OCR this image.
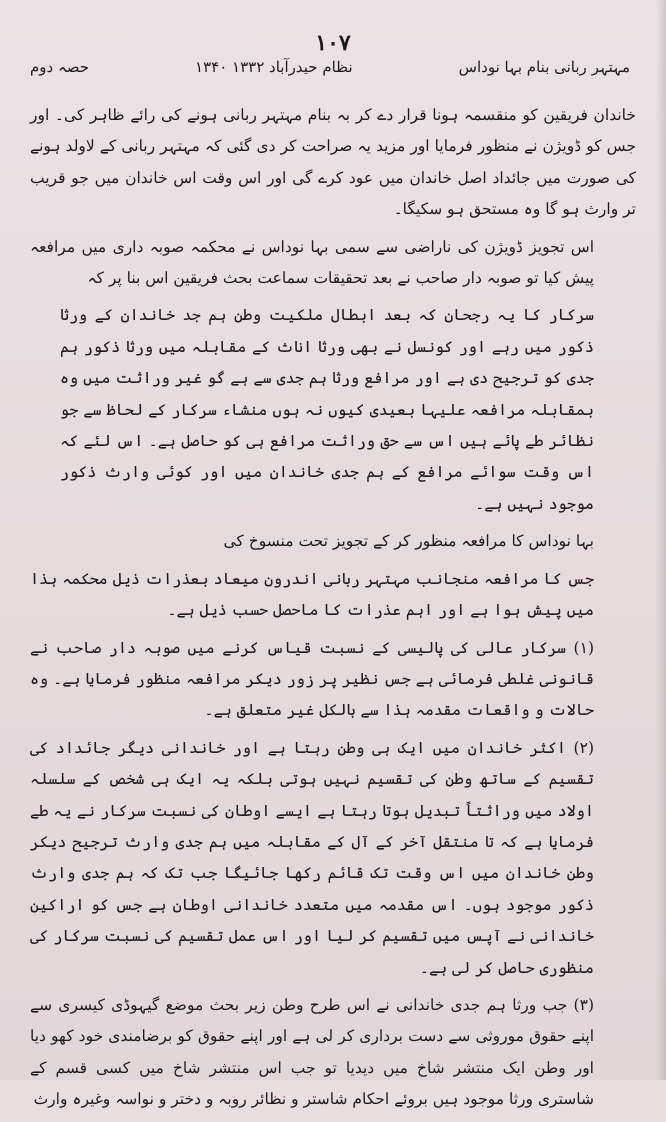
۱۰۷
حصہ دوم	۱۳۴۰ ۱۳۳۲ نظام حیدرآباد	مہتہر ربانی بنام بہا نوداس

خاندان فریقین کو منقسمہ ہونا قرار دے کر بہ بنام مہتہر ربانی ہونے کی رائے ظاہر کی۔ اور جس کو ڈویژن نے منظور فرمایا اور مزید یہ صراحت کر دی گئی کہ مہتہر ربانی کے لاولد ہونے کی صورت میں جائداد اصل خاندان میں عود کرے گی اور اس وقت اس خاندان میں جو قریب تر وارث ہو گا وہ مستحق ہو سکیگا۔

اس تجویز ڈویژن کی ناراضی سے سمی بہا نوداس نے محکمہ صوبہ داری میں مرافعہ پیش کیا تو صوبہ دار صاحب نے بعد تحقیقات سماعت بحث فریقین اس بنا پر کہ

سرکار کا یہ رجحان کہ بعد ابطال ملکیت وطن ہم جد خاندان کے ورثا ذکور میں رہے اور کونسل نے بھی ورثا اناث کے مقابلہ میں ورثا ذکور ہم جدی کو ترجیح دی ہے اور مرافع ورثا ہم جدی سے ہے گو غیر وراثت میں وہ بمقابلہ مرافعہ علیہا بعیدی کیوں نہ ہوں منشاء سرکار کے لحاظ سے جو نظائر طے پائے ہیں اس سے حق وراثت مرافع ہی کو حاصل ہے۔ اس لئے کہ اس وقت سوائے مرافع کے ہم جدی خاندان میں اور کوئی وارث ذکور موجود نہیں ہے۔

بہا نوداس کا مرافعہ منظور کر کے تجویز تحت منسوخ کی

جس کا مرافعہ منجانب مہتہر ربانی اندرون میعاد بعذرات ذیل محکمہ ہذا میں پیش ہوا ہے اور اہم عذرات کا ماحصل حسب ذیل ہے۔

(۱) سرکار عالی کی پالیسی کے نسبت قیاس کرنے میں صوبہ دار صاحب نے قانونی غلطی فرمائی ہے جس نظیر پر زور دیکر مرافعہ منظور فرمایا ہے۔ وہ حالات و واقعات مقدمہ ہذا سے بالکل غیر متعلق ہے۔

(۲) اکثر خاندان میں ایک ہی وطن رہتا ہے اور خاندانی دیگر جائداد کی تقسیم کے ساتھ وطن کی تقسیم نہیں ہوتی بلکہ یہ ایک ہی شخص کے سلسلہ اولاد میں وراثتاً تبدیل ہوتا رہتا ہے ایسے اوطان کی نسبت سرکار نے یہ طے فرمایا ہے کہ تا منتقل آخر کے آل کے مقابلہ میں ہم جدی وارث ترجیح دیکر وطن خاندان میں اس وقت تک قائم رکھا جائیگا جب تک کہ ہم جدی وارث ذکور موجود ہوں۔ اس مقدمہ میں متعدد خاندانی اوطان ہے جس کو اراکین خاندانی نے آپس میں تقسیم کر لیا اور اس عمل تقسیم کی نسبت سرکار کی منظوری حاصل کر لی ہے۔

(۳) جب ورثا ہم جدی خاندانی نے اس طرح وطن زیر بحث موضع گیہوڈی کیسری سے اپنے حقوق موروثی سے دست برداری کر لی ہے اور اپنے حقوق کو برضامندی خود کھو دیا اور وطن ایک منتشر شاخ میں دیدیا تو جب اس منتشر شاخ میں کسی قسم کے شاستری ورثا موجود ہیں بروئے احکام شاستر و نظائر روبہ و دختر و نواسہ وغیرہ وارث
